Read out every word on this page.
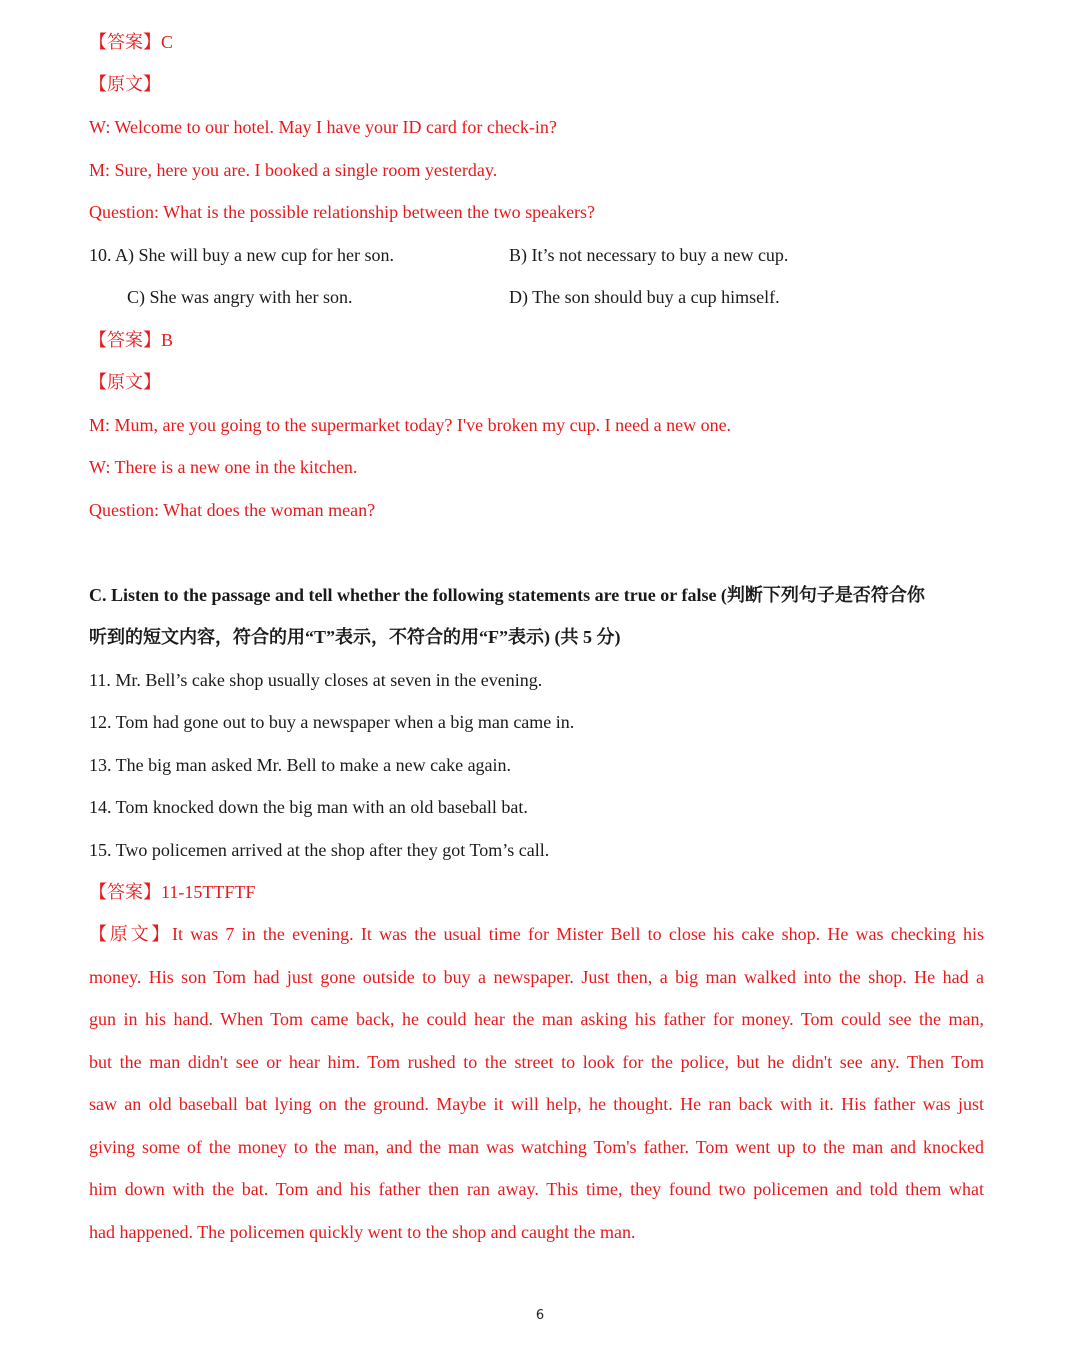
【答案】C
【原文】
W: Welcome to our hotel. May I have your ID card for check-in?
M: Sure, here you are. I booked a single room yesterday.
Question: What is the possible relationship between the two speakers?
10. A) She will buy a new cup for her son.	B) It’s not necessary to buy a new cup.
C) She was angry with her son.	D) The son should buy a cup himself.
【答案】B
【原文】
M: Mum, are you going to the supermarket today? I've broken my cup. I need a new one.
W: There is a new one in the kitchen.
Question: What does the woman mean?
C. Listen to the passage and tell whether the following statements are true or false (判断下列句子是否符合你
听到的短文内容，符合的用“T”表示，不符合的用“F”表示) (共 5 分)
11. Mr. Bell’s cake shop usually closes at seven in the evening.
12. Tom had gone out to buy a newspaper when a big man came in.
13. The big man asked Mr. Bell to make a new cake again.
14. Tom knocked down the big man with an old baseball bat.
15. Two policemen arrived at the shop after they got Tom’s call.
【答案】11-15TTFTF
【原文】It was 7 in the evening. It was the usual time for Mister Bell to close his cake shop. He was checking his
money. His son Tom had just gone outside to buy a newspaper. Just then, a big man walked into the shop. He had a
gun in his hand. When Tom came back, he could hear the man asking his father for money. Tom could see the man,
but the man didn't see or hear him. Tom rushed to the street to look for the police, but he didn't see any. Then Tom
saw an old baseball bat lying on the ground. Maybe it will help, he thought. He ran back with it. His father was just
giving some of the money to the man, and the man was watching Tom's father. Tom went up to the man and knocked
him down with the bat. Tom and his father then ran away. This time, they found two policemen and told them what
had happened. The policemen quickly went to the shop and caught the man.
6
